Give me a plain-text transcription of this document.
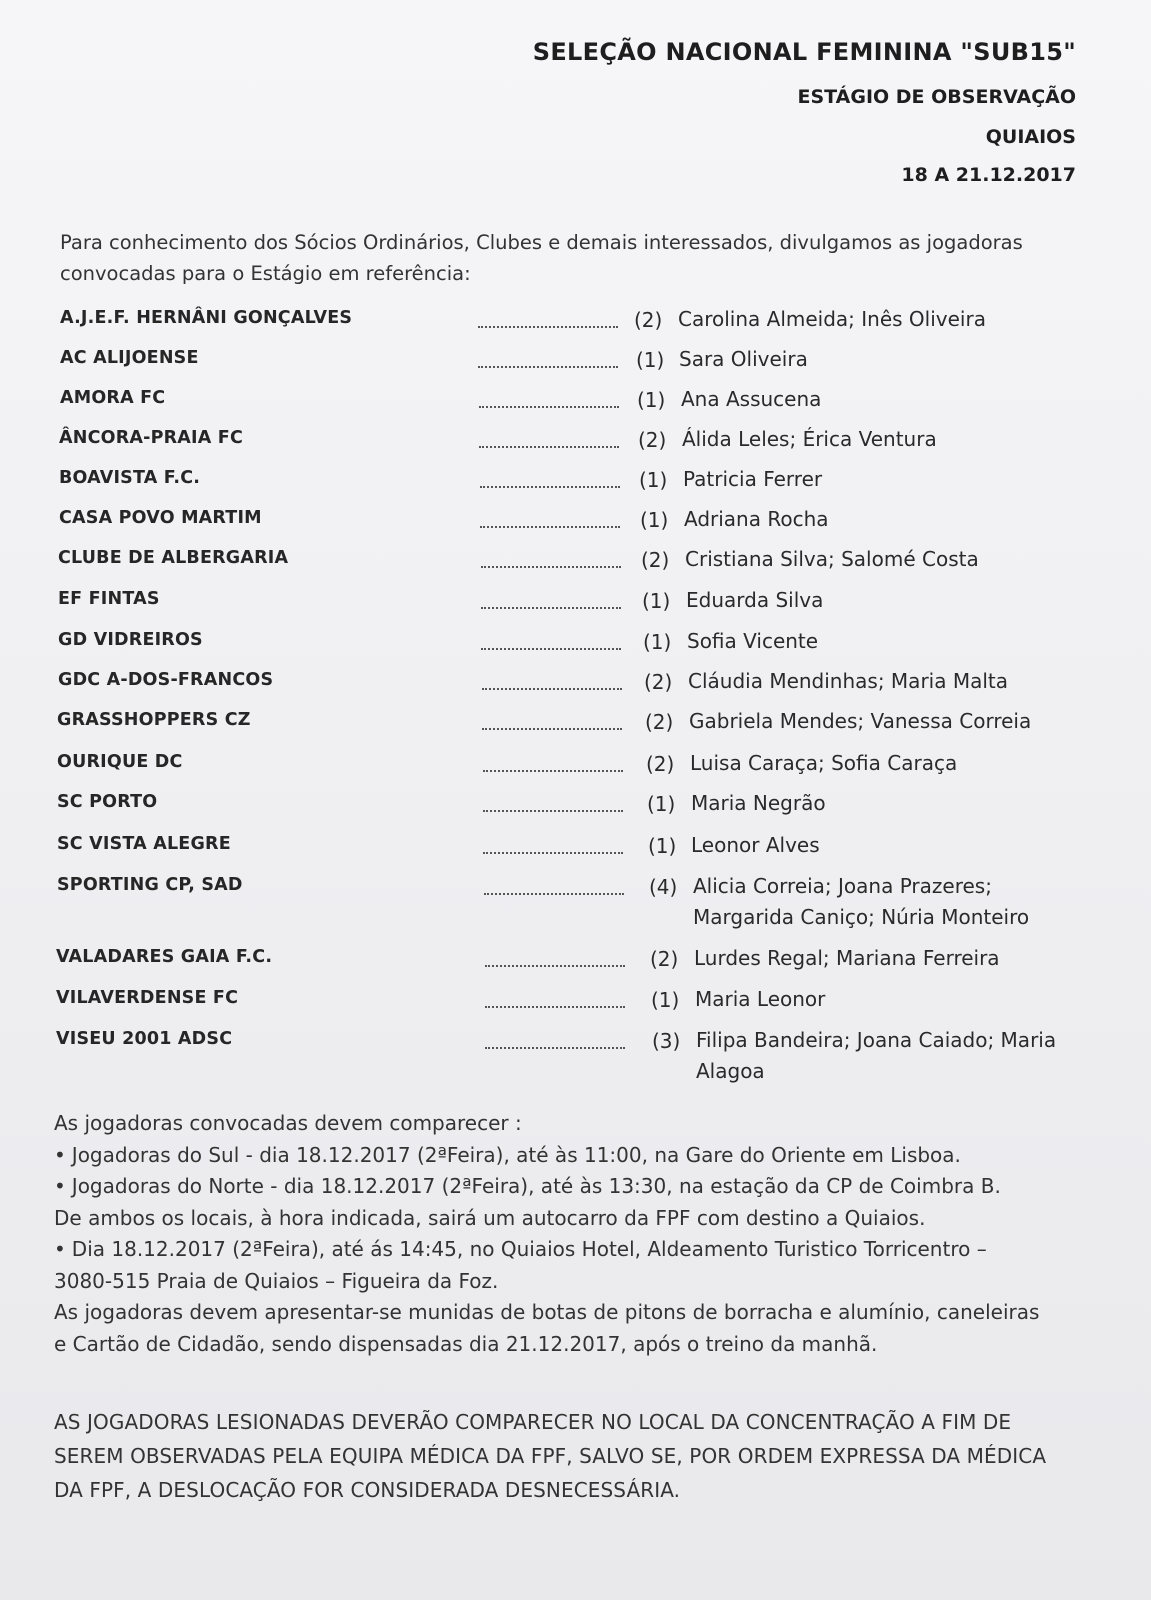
SELEÇÃO NACIONAL FEMININA "SUB15"
ESTÁGIO DE OBSERVAÇÃO
QUIAIOS
18 A 21.12.2017
Para conhecimento dos Sócios Ordinários, Clubes e demais interessados, divulgamos as jogadoras convocadas para o Estágio em referência:
A.J.E.F. HERNÂNI GONÇALVES	(2) Carolina Almeida; Inês Oliveira
AC ALIJOENSE	(1) Sara Oliveira
AMORA FC	(1) Ana Assucena
ÂNCORA-PRAIA FC	(2) Álida Leles; Érica Ventura
BOAVISTA F.C.	(1) Patricia Ferrer
CASA POVO MARTIM	(1) Adriana Rocha
CLUBE DE ALBERGARIA	(2) Cristiana Silva; Salomé Costa
EF FINTAS	(1) Eduarda Silva
GD VIDREIROS	(1) Sofia Vicente
GDC A-DOS-FRANCOS	(2) Cláudia Mendinhas; Maria Malta
GRASSHOPPERS CZ	(2) Gabriela Mendes; Vanessa Correia
OURIQUE DC	(2) Luisa Caraça; Sofia Caraça
SC PORTO	(1) Maria Negrão
SC VISTA ALEGRE	(1) Leonor Alves
SPORTING CP, SAD	(4) Alicia Correia; Joana Prazeres;
Margarida Caniço; Núria Monteiro
VALADARES GAIA F.C.	(2) Lurdes Regal; Mariana Ferreira
VILAVERDENSE FC	(1) Maria Leonor
VISEU 2001 ADSC	(3) Filipa Bandeira; Joana Caiado; Maria
Alagoa

As jogadoras convocadas devem comparecer :

• Jogadoras do Sul - dia 18.12.2017 (2ªFeira), até às 11:00, na Gare do Oriente em Lisboa.

• Jogadoras do Norte - dia 18.12.2017 (2ªFeira), até às 13:30, na estação da CP de Coimbra B.

De ambos os locais, à hora indicada, sairá um autocarro da FPF com destino a Quiaios.

• Dia 18.12.2017 (2ªFeira), até ás 14:45, no Quiaios Hotel, Aldeamento Turistico Torricentro –

3080-515 Praia de Quiaios – Figueira da Foz.

As jogadoras devem apresentar-se munidas de botas de pitons de borracha e alumínio, caneleiras

e Cartão de Cidadão, sendo dispensadas dia 21.12.2017, após o treino da manhã.

AS JOGADORAS LESIONADAS DEVERÃO COMPARECER NO LOCAL DA CONCENTRAÇÃO A FIM DE

SEREM OBSERVADAS PELA EQUIPA MÉDICA DA FPF, SALVO SE, POR ORDEM EXPRESSA DA MÉDICA

DA FPF, A DESLOCAÇÃO FOR CONSIDERADA DESNECESSÁRIA.
